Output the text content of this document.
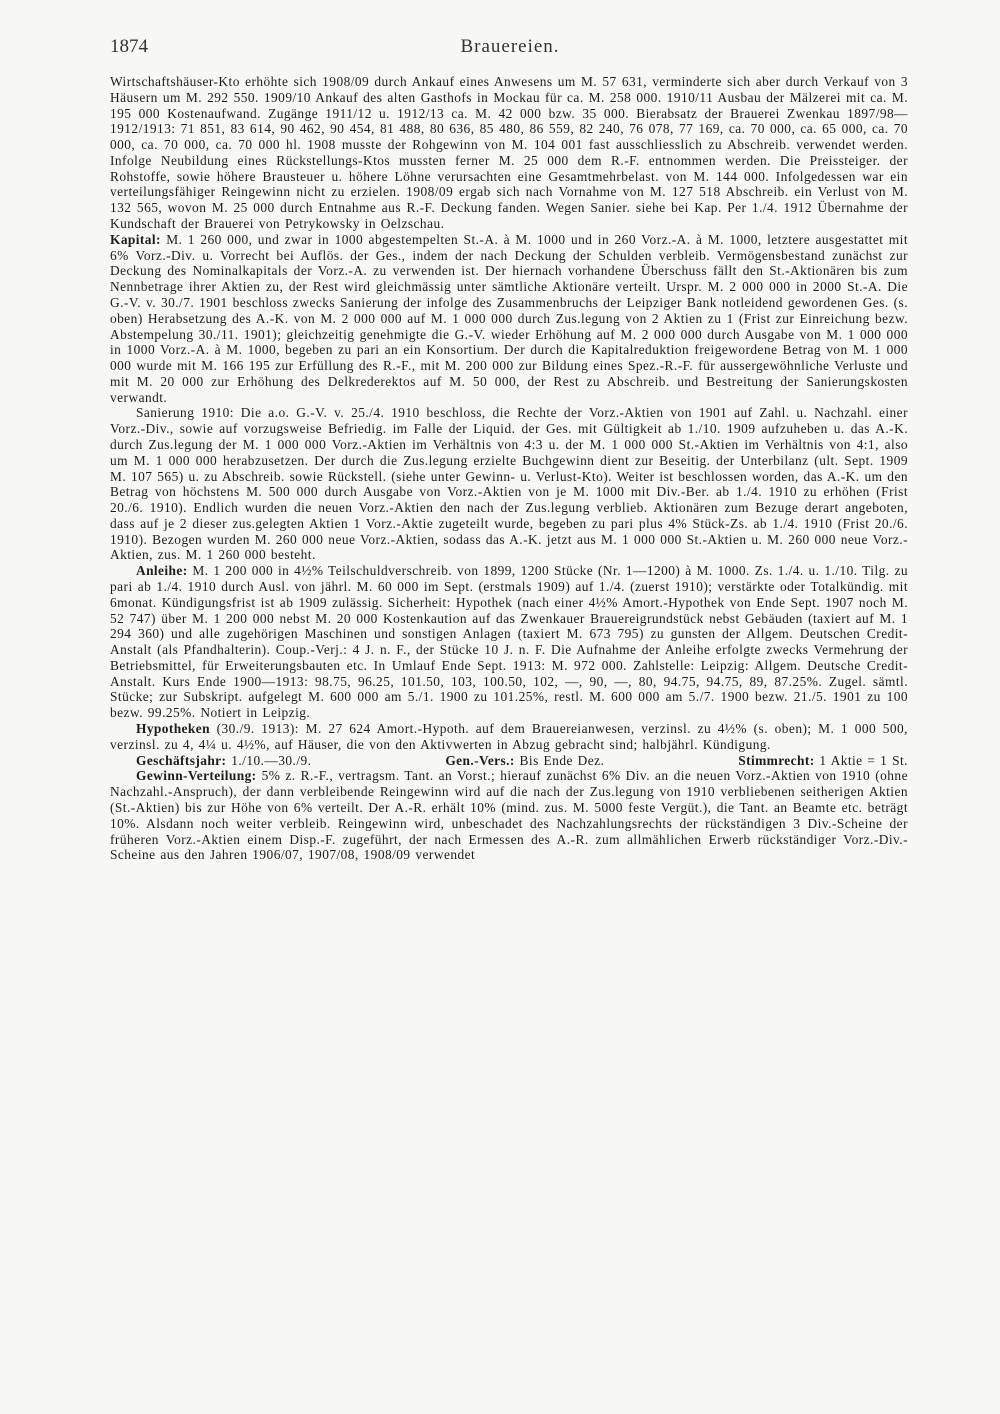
1874	Brauereien.

Wirtschaftshäuser-Kto erhöhte sich 1908/09 durch Ankauf eines Anwesens um M. 57 631, verminderte sich aber durch Verkauf von 3 Häusern um M. 292 550. 1909/10 Ankauf des alten Gasthofs in Mockau für ca. M. 258 000. 1910/11 Ausbau der Mälzerei mit ca. M. 195 000 Kostenaufwand. Zugänge 1911/12 u. 1912/13 ca. M. 42 000 bzw. 35 000. Bierabsatz der Brauerei Zwenkau 1897/98—1912/1913: 71 851, 83 614, 90 462, 90 454, 81 488, 80 636, 85 480, 86 559, 82 240, 76 078, 77 169, ca. 70 000, ca. 65 000, ca. 70 000, ca. 70 000, ca. 70 000 hl. 1908 musste der Rohgewinn von M. 104 001 fast ausschliesslich zu Abschreib. verwendet werden. Infolge Neubildung eines Rückstellungs-Ktos mussten ferner M. 25 000 dem R.-F. entnommen werden. Die Preissteiger. der Rohstoffe, sowie höhere Brausteuer u. höhere Löhne verursachten eine Gesamtmehrbelast. von M. 144 000. Infolgedessen war ein verteilungsfähiger Reingewinn nicht zu erzielen. 1908/09 ergab sich nach Vornahme von M. 127 518 Abschreib. ein Verlust von M. 132 565, wovon M. 25 000 durch Entnahme aus R.-F. Deckung fanden. Wegen Sanier. siehe bei Kap. Per 1./4. 1912 Übernahme der Kundschaft der Brauerei von Petrykowsky in Oelzschau.

Kapital: M. 1 260 000, und zwar in 1000 abgestempelten St.-A. à M. 1000 und in 260 Vorz.-A. à M. 1000, letztere ausgestattet mit 6% Vorz.-Div. u. Vorrecht bei Auflös. der Ges., indem der nach Deckung der Schulden verbleib. Vermögensbestand zunächst zur Deckung des Nominalkapitals der Vorz.-A. zu verwenden ist. Der hiernach vorhandene Überschuss fällt den St.-Aktionären bis zum Nennbetrage ihrer Aktien zu, der Rest wird gleichmässig unter sämtliche Aktionäre verteilt. Urspr. M. 2 000 000 in 2000 St.-A. Die G.-V. v. 30./7. 1901 beschloss zwecks Sanierung der infolge des Zusammenbruchs der Leipziger Bank notleidend gewordenen Ges. (s. oben) Herabsetzung des A.-K. von M. 2 000 000 auf M. 1 000 000 durch Zus.legung von 2 Aktien zu 1 (Frist zur Einreichung bezw. Abstempelung 30./11. 1901); gleichzeitig genehmigte die G.-V. wieder Erhöhung auf M. 2 000 000 durch Ausgabe von M. 1 000 000 in 1000 Vorz.-A. à M. 1000, begeben zu pari an ein Konsortium. Der durch die Kapitalreduktion freigewordene Betrag von M. 1 000 000 wurde mit M. 166 195 zur Erfüllung des R.-F., mit M. 200 000 zur Bildung eines Spez.-R.-F. für aussergewöhnliche Verluste und mit M. 20 000 zur Erhöhung des Delkrederektos auf M. 50 000, der Rest zu Abschreib. und Bestreitung der Sanierungskosten verwandt.

Sanierung 1910: Die a.o. G.-V. v. 25./4. 1910 beschloss, die Rechte der Vorz.-Aktien von 1901 auf Zahl. u. Nachzahl. einer Vorz.-Div., sowie auf vorzugsweise Befriedig. im Falle der Liquid. der Ges. mit Gültigkeit ab 1./10. 1909 aufzuheben u. das A.-K. durch Zus.legung der M. 1 000 000 Vorz.-Aktien im Verhältnis von 4:3 u. der M. 1 000 000 St.-Aktien im Verhältnis von 4:1, also um M. 1 000 000 herabzusetzen. Der durch die Zus.legung erzielte Buchgewinn dient zur Beseitig. der Unterbilanz (ult. Sept. 1909 M. 107 565) u. zu Abschreib. sowie Rückstell. (siehe unter Gewinn- u. Verlust-Kto). Weiter ist beschlossen worden, das A.-K. um den Betrag von höchstens M. 500 000 durch Ausgabe von Vorz.-Aktien von je M. 1000 mit Div.-Ber. ab 1./4. 1910 zu erhöhen (Frist 20./6. 1910). Endlich wurden die neuen Vorz.-Aktien den nach der Zus.legung verblieb. Aktionären zum Bezuge derart angeboten, dass auf je 2 dieser zus.gelegten Aktien 1 Vorz.-Aktie zugeteilt wurde, begeben zu pari plus 4% Stück-Zs. ab 1./4. 1910 (Frist 20./6. 1910). Bezogen wurden M. 260 000 neue Vorz.-Aktien, sodass das A.-K. jetzt aus M. 1 000 000 St.-Aktien u. M. 260 000 neue Vorz.-Aktien, zus. M. 1 260 000 besteht.

Anleihe: M. 1 200 000 in 4½% Teilschuldverschreib. von 1899, 1200 Stücke (Nr. 1—1200) à M. 1000. Zs. 1./4. u. 1./10. Tilg. zu pari ab 1./4. 1910 durch Ausl. von jährl. M. 60 000 im Sept. (erstmals 1909) auf 1./4. (zuerst 1910); verstärkte oder Totalkündig. mit 6monat. Kündigungsfrist ist ab 1909 zulässig. Sicherheit: Hypothek (nach einer 4½% Amort.-Hypothek von Ende Sept. 1907 noch M. 52 747) über M. 1 200 000 nebst M. 20 000 Kostenkaution auf das Zwenkauer Brauereigrundstück nebst Gebäuden (taxiert auf M. 1 294 360) und alle zugehörigen Maschinen und sonstigen Anlagen (taxiert M. 673 795) zu gunsten der Allgem. Deutschen Credit-Anstalt (als Pfandhalterin). Coup.-Verj.: 4 J. n. F., der Stücke 10 J. n. F. Die Aufnahme der Anleihe erfolgte zwecks Vermehrung der Betriebsmittel, für Erweiterungsbauten etc. In Umlauf Ende Sept. 1913: M. 972 000. Zahlstelle: Leipzig: Allgem. Deutsche Credit-Anstalt. Kurs Ende 1900—1913: 98.75, 96.25, 101.50, 103, 100.50, 102, —, 90, —, 80, 94.75, 94.75, 89, 87.25%. Zugel. sämtl. Stücke; zur Subskript. aufgelegt M. 600 000 am 5./1. 1900 zu 101.25%, restl. M. 600 000 am 5./7. 1900 bezw. 21./5. 1901 zu 100 bezw. 99.25%. Notiert in Leipzig.

Hypotheken (30./9. 1913): M. 27 624 Amort.-Hypoth. auf dem Brauereianwesen, verzinsl. zu 4½% (s. oben); M. 1 000 500, verzinsl. zu 4, 4¼ u. 4½%, auf Häuser, die von den Aktivwerten in Abzug gebracht sind; halbjährl. Kündigung.

Geschäftsjahr: 1./10.—30./9.	Gen.-Vers.: Bis Ende Dez.	Stimmrecht: 1 Aktie = 1 St.

Gewinn-Verteilung: 5% z. R.-F., vertragsm. Tant. an Vorst.; hierauf zunächst 6% Div. an die neuen Vorz.-Aktien von 1910 (ohne Nachzahl.-Anspruch), der dann verbleibende Reingewinn wird auf die nach der Zus.legung von 1910 verbliebenen seitherigen Aktien (St.-Aktien) bis zur Höhe von 6% verteilt. Der A.-R. erhält 10% (mind. zus. M. 5000 feste Vergüt.), die Tant. an Beamte etc. beträgt 10%. Alsdann noch weiter verbleib. Reingewinn wird, unbeschadet des Nachzahlungsrechts der rückständigen 3 Div.-Scheine der früheren Vorz.-Aktien einem Disp.-F. zugeführt, der nach Ermessen des A.-R. zum allmählichen Erwerb rückständiger Vorz.-Div.-Scheine aus den Jahren 1906/07, 1907/08, 1908/09 verwendet
